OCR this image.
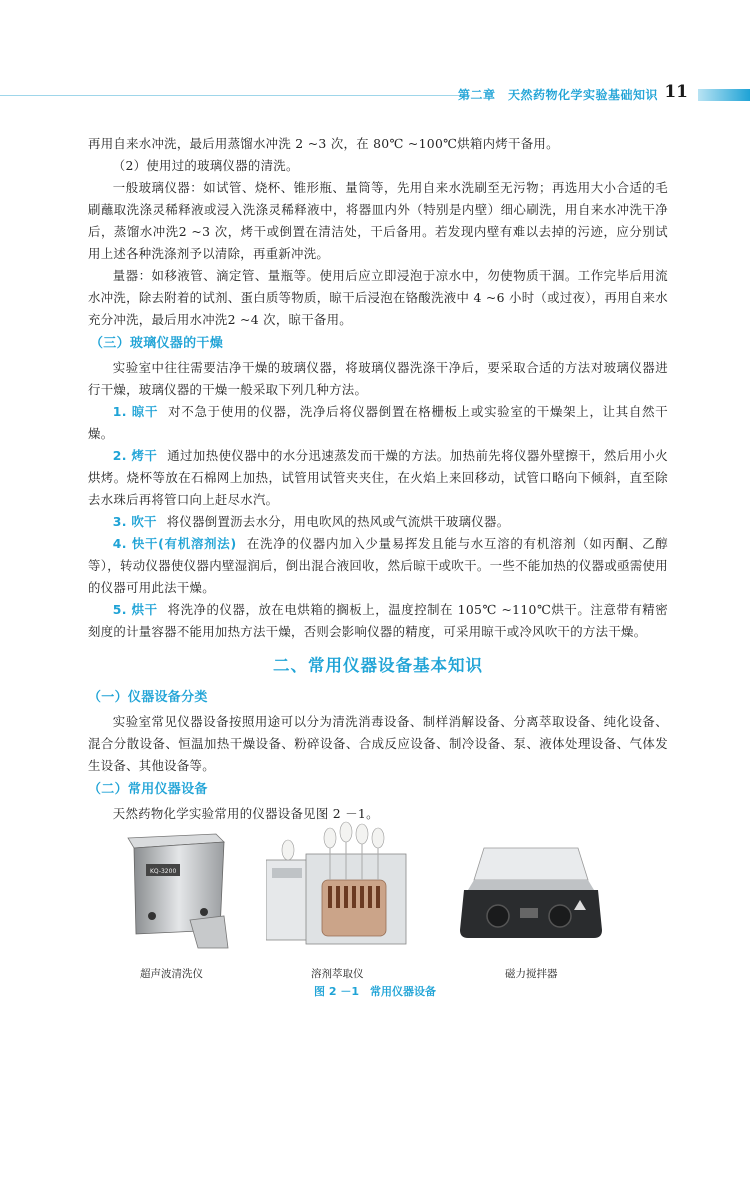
第二章　天然药物化学实验基础知识 11

再用自来水冲洗，最后用蒸馏水冲洗 2 ~3 次，在 80℃ ~100℃烘箱内烤干备用。

（2）使用过的玻璃仪器的清洗。

一般玻璃仪器：如试管、烧杯、锥形瓶、量筒等，先用自来水洗刷至无污物；再选用大小合适的毛刷蘸取洗涤灵稀释液或浸入洗涤灵稀释液中，将器皿内外（特别是内壁）细心刷洗，用自来水冲洗干净后，蒸馏水冲洗2 ~3 次，烤干或倒置在清洁处，干后备用。若发现内壁有难以去掉的污迹，应分别试用上述各种洗涤剂予以清除，再重新冲洗。

量器：如移液管、滴定管、量瓶等。使用后应立即浸泡于凉水中，勿使物质干涸。工作完毕后用流水冲洗，除去附着的试剂、蛋白质等物质，晾干后浸泡在铬酸洗液中 4 ~6 小时（或过夜），再用自来水充分冲洗，最后用水冲洗2 ~4 次，晾干备用。

（三）玻璃仪器的干燥

实验室中往往需要洁净干燥的玻璃仪器，将玻璃仪器洗涤干净后，要采取合适的方法对玻璃仪器进行干燥，玻璃仪器的干燥一般采取下列几种方法。

1. 晾干 对不急于使用的仪器，洗净后将仪器倒置在格栅板上或实验室的干燥架上，让其自然干燥。

2. 烤干 通过加热使仪器中的水分迅速蒸发而干燥的方法。加热前先将仪器外壁擦干，然后用小火烘烤。烧杯等放在石棉网上加热，试管用试管夹夹住，在火焰上来回移动，试管口略向下倾斜，直至除去水珠后再将管口向上赶尽水汽。

3. 吹干 将仪器倒置沥去水分，用电吹风的热风或气流烘干玻璃仪器。

4. 快干(有机溶剂法) 在洗净的仪器内加入少量易挥发且能与水互溶的有机溶剂（如丙酮、乙醇等），转动仪器使仪器内壁湿润后，倒出混合液回收，然后晾干或吹干。一些不能加热的仪器或亟需使用的仪器可用此法干燥。

5. 烘干 将洗净的仪器，放在电烘箱的搁板上，温度控制在 105℃ ~110℃烘干。注意带有精密刻度的计量容器不能用加热方法干燥，否则会影响仪器的精度，可采用晾干或冷风吹干的方法干燥。

二、常用仪器设备基本知识
（一）仪器设备分类

实验室常见仪器设备按照用途可以分为清洗消毒设备、制样消解设备、分离萃取设备、纯化设备、混合分散设备、恒温加热干燥设备、粉碎设备、合成反应设备、制冷设备、泵、液体处理设备、气体发生设备、其他设备等。

（二）常用仪器设备

天然药物化学实验常用的仪器设备见图 2 －1。

KQ-3200
超声波清洗仪	溶剂萃取仪	磁力搅拌器
图 2 －1　常用仪器设备
